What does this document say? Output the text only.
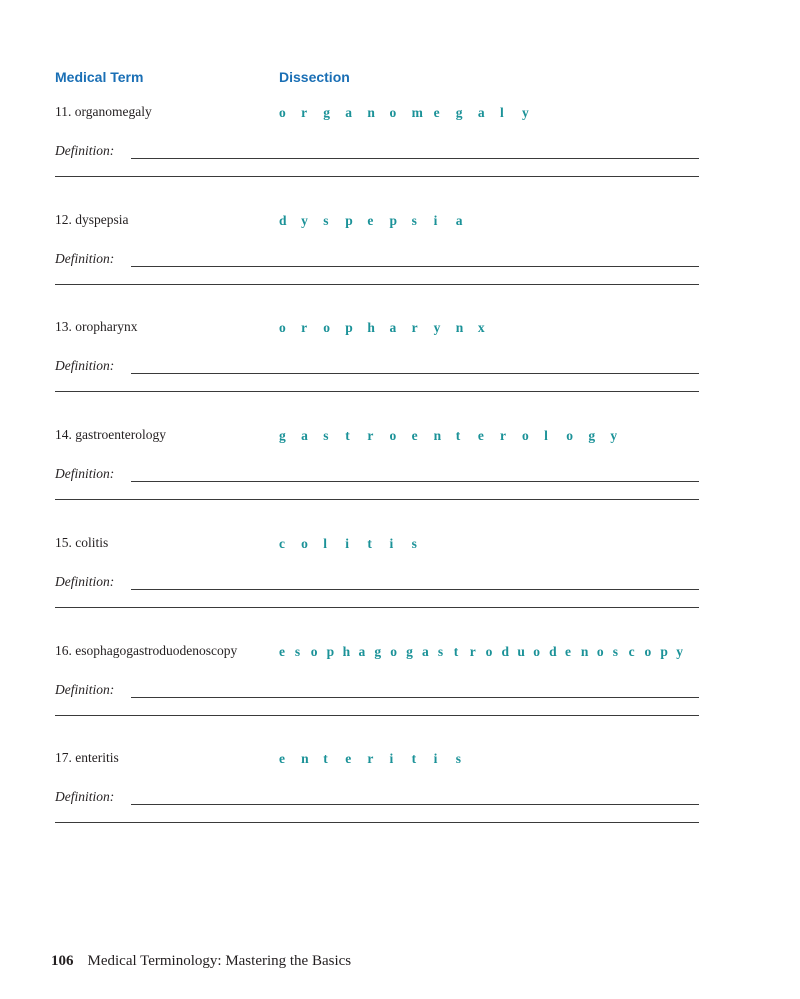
Medical Term	Dissection
11. organomegaly	o r g a n o m e g a l y
Definition:
12. dyspepsia	d y s p e p s i a
Definition:
13. oropharynx	o r o p h a r y n x
Definition:
14. gastroenterology	g a s t r o e n t e r o l o g y
Definition:
15. colitis	c o l i t i s
Definition:
16. esophagogastroduodenoscopy	e s o p h a g o g a s t r o d u o d e n o s c o p y
Definition:
17. enteritis	e n t e r i t i s
Definition:
106 Medical Terminology: Mastering the Basics
